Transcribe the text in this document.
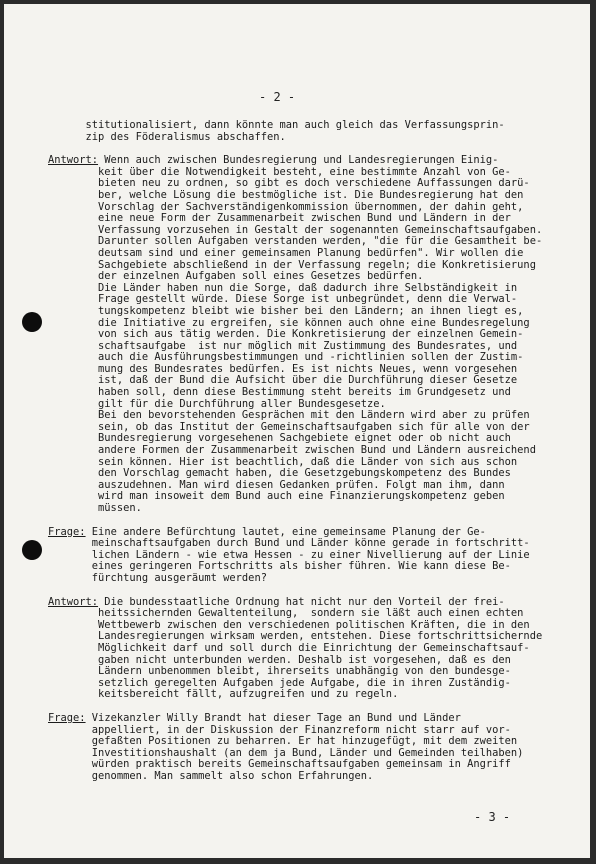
- 2 -
stitutionalisiert, dann könnte man auch gleich das Verfassungsprin-
zip des Föderalismus abschaffen.
Antwort: Wenn auch zwischen Bundesregierung und Landesregierungen Einig-
keit über die Notwendigkeit besteht, eine bestimmte Anzahl von Ge-
bieten neu zu ordnen, so gibt es doch verschiedene Auffassungen darü-
ber, welche Lösung die bestmögliche ist. Die Bundesregierung hat den
Vorschlag der Sachverständigenkommission übernommen, der dahin geht,
eine neue Form der Zusammenarbeit zwischen Bund und Ländern in der
Verfassung vorzusehen in Gestalt der sogenannten Gemeinschaftsaufgaben.
Darunter sollen Aufgaben verstanden werden, "die für die Gesamtheit be-
deutsam sind und einer gemeinsamen Planung bedürfen". Wir wollen die
Sachgebiete abschließend in der Verfassung regeln; die Konkretisierung
der einzelnen Aufgaben soll eines Gesetzes bedürfen.
Die Länder haben nun die Sorge, daß dadurch ihre Selbständigkeit in
Frage gestellt würde. Diese Sorge ist unbegründet, denn die Verwal-
tungskompetenz bleibt wie bisher bei den Ländern; an ihnen liegt es,
die Initiative zu ergreifen, sie können auch ohne eine Bundesregelung
von sich aus tätig werden. Die Konkretisierung der einzelnen Gemein-
schaftsaufgabe  ist nur möglich mit Zustimmung des Bundesrates, und
auch die Ausführungsbestimmungen und -richtlinien sollen der Zustim-
mung des Bundesrates bedürfen. Es ist nichts Neues, wenn vorgesehen
ist, daß der Bund die Aufsicht über die Durchführung dieser Gesetze
haben soll, denn diese Bestimmung steht bereits im Grundgesetz und
gilt für die Durchführung aller Bundesgesetze.
Bei den bevorstehenden Gesprächen mit den Ländern wird aber zu prüfen
sein, ob das Institut der Gemeinschaftsaufgaben sich für alle von der
Bundesregierung vorgesehenen Sachgebiete eignet oder ob nicht auch
andere Formen der Zusammenarbeit zwischen Bund und Ländern ausreichend
sein können. Hier ist beachtlich, daß die Länder von sich aus schon
den Vorschlag gemacht haben, die Gesetzgebungskompetenz des Bundes
auszudehnen. Man wird diesen Gedanken prüfen. Folgt man ihm, dann
wird man insoweit dem Bund auch eine Finanzierungskompetenz geben
müssen.
Frage: Eine andere Befürchtung lautet, eine gemeinsame Planung der Ge-
meinschaftsaufgaben durch Bund und Länder könne gerade in fortschritt-
lichen Ländern - wie etwa Hessen - zu einer Nivellierung auf der Linie
eines geringeren Fortschritts als bisher führen. Wie kann diese Be-
fürchtung ausgeräumt werden?
Antwort: Die bundesstaatliche Ordnung hat nicht nur den Vorteil der frei-
heitssichernden Gewaltenteilung,  sondern sie läßt auch einen echten
Wettbewerb zwischen den verschiedenen politischen Kräften, die in den
Landesregierungen wirksam werden, entstehen. Diese fortschrittsichernde
Möglichkeit darf und soll durch die Einrichtung der Gemeinschaftsauf-
gaben nicht unterbunden werden. Deshalb ist vorgesehen, daß es den
Ländern unbenommen bleibt, ihrerseits unabhängig von den bundesge-
setzlich geregelten Aufgaben jede Aufgabe, die in ihren Zuständig-
keitsbereicht fällt, aufzugreifen und zu regeln.
Frage: Vizekanzler Willy Brandt hat dieser Tage an Bund und Länder
appelliert, in der Diskussion der Finanzreform nicht starr auf vor-
gefaßten Positionen zu beharren. Er hat hinzugefügt, mit dem zweiten
Investitionshaushalt (an dem ja Bund, Länder und Gemeinden teilhaben)
würden praktisch bereits Gemeinschaftsaufgaben gemeinsam in Angriff
genommen. Man sammelt also schon Erfahrungen.
- 3 -
